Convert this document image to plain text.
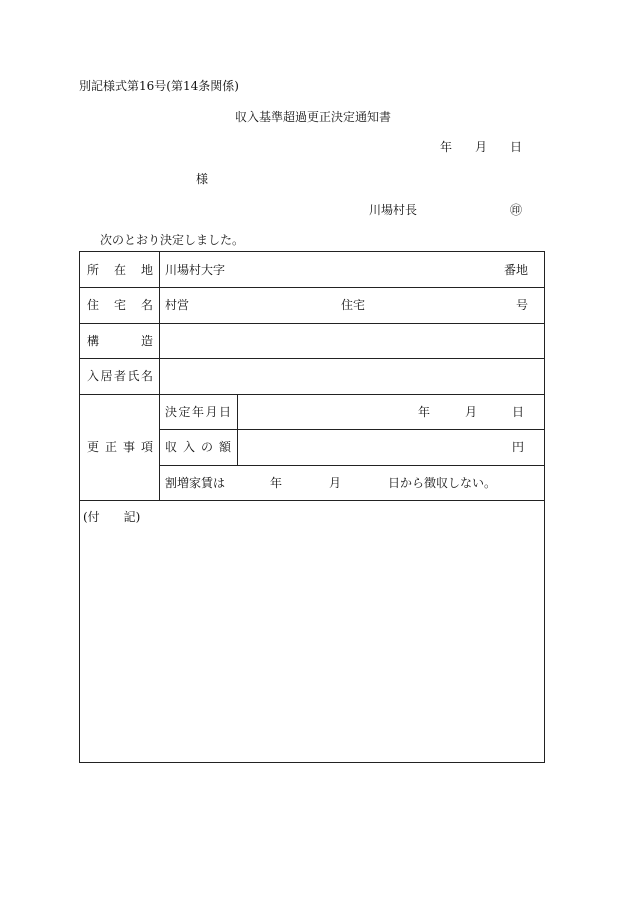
別記様式第16号(第14条関係)
収入基準超過更正決定通知書
年 月 日
様
川場村長	㊞
次のとおり決定しました。
所 在 地 川場村大字	番地
住 宅 名 村営	住宅	号
構	造
入 居 者 氏 名
更 正 事 項
決 定 年 月 日	年	月	日
収 入 の 額	円
割増家賃は	年	月	日から徴収しない。
(付　　記)
